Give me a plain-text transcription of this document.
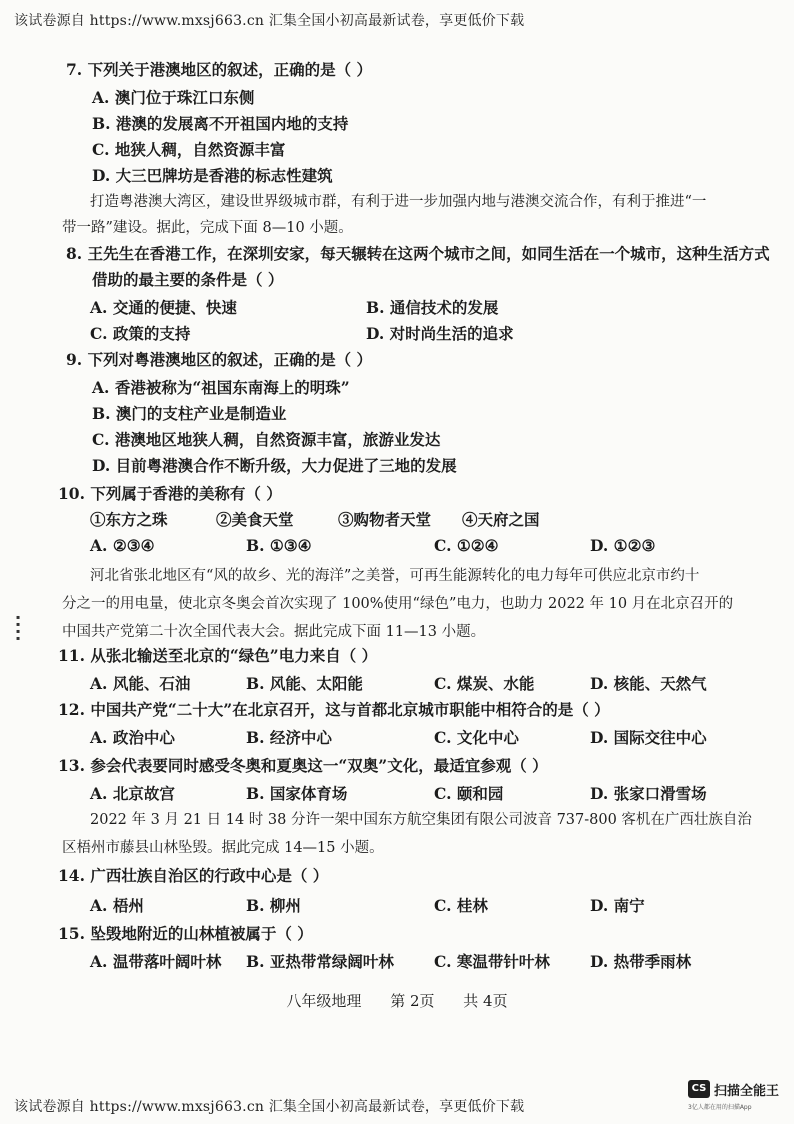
该试卷源自 https://www.mxsj663.cn 汇集全国小初高最新试卷，享更低价下载
7. 下列关于港澳地区的叙述，正确的是（ ）
A. 澳门位于珠江口东侧
B. 港澳的发展离不开祖国内地的支持
C. 地狭人稠，自然资源丰富
D. 大三巴牌坊是香港的标志性建筑
打造粤港澳大湾区，建设世界级城市群，有利于进一步加强内地与港澳交流合作，有利于推进“一
带一路”建设。据此，完成下面 8—10 小题。
8. 王先生在香港工作，在深圳安家，每天辗转在这两个城市之间，如同生活在一个城市，这种生活方式
借助的最主要的条件是（ ）
A. 交通的便捷、快速	B. 通信技术的发展
C. 政策的支持	D. 对时尚生活的追求
9. 下列对粤港澳地区的叙述，正确的是（ ）
A. 香港被称为“祖国东南海上的明珠”
B. 澳门的支柱产业是制造业
C. 港澳地区地狭人稠，自然资源丰富，旅游业发达
D. 目前粤港澳合作不断升级，大力促进了三地的发展
10. 下列属于香港的美称有（ ）
①东方之珠	②美食天堂	③购物者天堂 ④天府之国
A. ②③④	B. ①③④	C. ①②④	D. ①②③
河北省张北地区有“风的故乡、光的海洋”之美誉，可再生能源转化的电力每年可供应北京市约十
分之一的用电量，使北京冬奥会首次实现了 100%使用“绿色”电力，也助力 2022 年 10 月在北京召开的
中国共产党第二十次全国代表大会。据此完成下面 11—13 小题。
▪
▪
▪
▪
11. 从张北输送至北京的“绿色”电力来自（ ）
A. 风能、石油	B. 风能、太阳能	C. 煤炭、水能	D. 核能、天然气
12. 中国共产党“二十大”在北京召开，这与首都北京城市职能中相符合的是（ ）
A. 政治中心	B. 经济中心	C. 文化中心	D. 国际交往中心
13. 参会代表要同时感受冬奥和夏奥这一“双奥”文化，最适宜参观（ ）
A. 北京故宫	B. 国家体育场	C. 颐和园	D. 张家口滑雪场
2022 年 3 月 21 日 14 时 38 分许一架中国东方航空集团有限公司波音 737-800 客机在广西壮族自治
区梧州市藤县山林坠毁。据此完成 14—15 小题。
14. 广西壮族自治区的行政中心是（ ）
A. 梧州	B. 柳州	C. 桂林	D. 南宁
15. 坠毁地附近的山林植被属于（ ）
A. 温带落叶阔叶林 B. 亚热带常绿阔叶林	C. 寒温带针叶林	D. 热带季雨林
八年级地理 第 2页 共 4页
该试卷源自 https://www.mxsj663.cn 汇集全国小初高最新试卷，享更低价下载
CS 扫描全能王
3亿人都在用的扫描App
